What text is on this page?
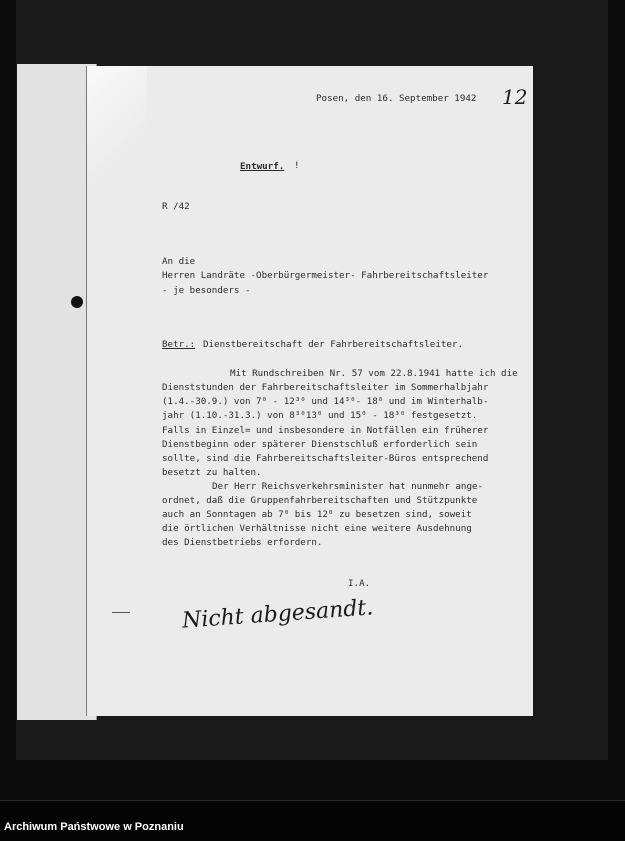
12
Posen, den 16. September 1942
Entwurf. !
R /42
An die
Herren Landräte -Oberbürgermeister- Fahrbereitschaftsleiter
- je besonders -
Betr.: Dienstbereitschaft der Fahrbereitschaftsleiter.
Mit Rundschreiben Nr. 57 vom 22.8.1941 hatte ich die
Dienststunden der Fahrbereitschaftsleiter im Sommerhalbjahr
(1.4.-30.9.) von 7⁰ - 12³⁰ und 14³⁰- 18⁰ und im Winterhalb-
jahr (1.10.-31.3.) von 8³⁰13⁰ und 15⁰ - 18³⁰ festgesetzt.
Falls in Einzel= und insbesondere in Notfällen ein früherer
Dienstbeginn oder späterer Dienstschluß erforderlich sein
sollte, sind die Fahrbereitschaftsleiter-Büros entsprechend
besetzt zu halten.
Der Herr Reichsverkehrsminister hat nunmehr ange-
ordnet, daß die Gruppenfahrbereitschaften und Stützpunkte
auch an Sonntagen ab 7⁰ bis 12⁰ zu besetzen sind, soweit
die örtlichen Verhältnisse nicht eine weitere Ausdehnung
des Dienstbetriebs erfordern.
I.A.
Nicht abgesandt.
Archiwum Państwowe w Poznaniu
